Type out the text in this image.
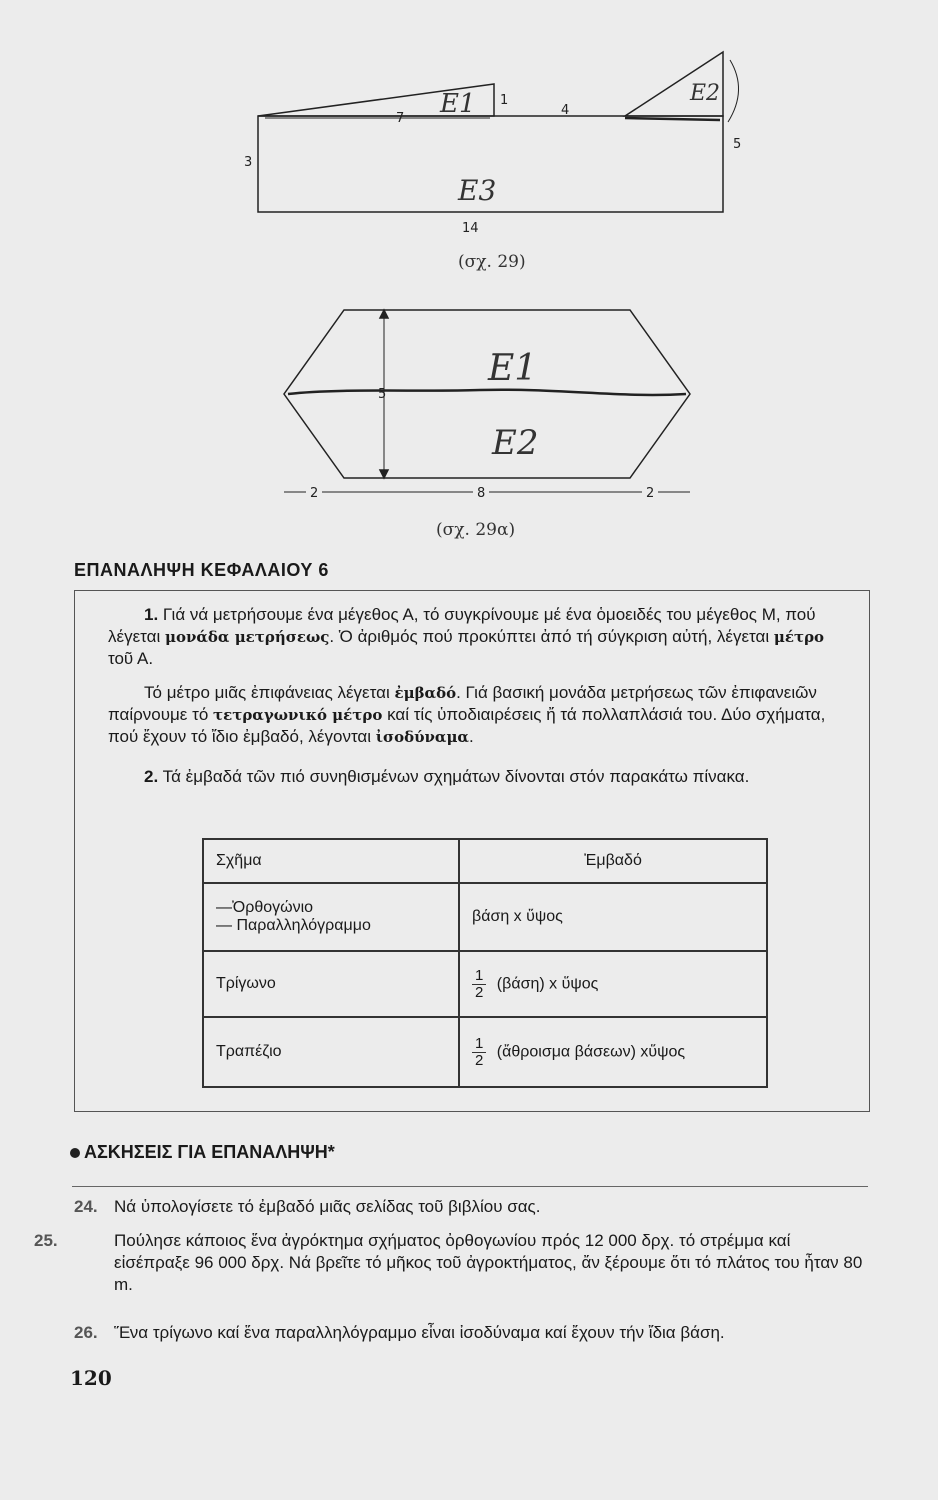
7
1
4
3
5
14
E1	E2
E3
5
2	8	2
E1
E2
(σχ. 29)
(σχ. 29α)
ΕΠΑΝΑΛΗΨΗ ΚΕΦΑΛΑΙΟΥ 6
1. Γιά νά μετρήσουμε ένα μέγεθος Α, τό συγκρίνουμε μέ ένα ὁμοειδές του μέγεθος Μ, πού λέγεται μονάδα μετρήσεως. Ὁ ἀριθμός πού προκύπτει ἀπό τή σύγκριση αὐτή, λέγεται μέτρο τοῦ Α.
Τό μέτρο μιᾶς ἐπιφάνειας λέγεται ἐμβαδό. Γιά βασική μονάδα μετρήσεως τῶν ἐπιφανειῶν παίρνουμε τό τετραγωνικό μέτρο καί τίς ὑποδιαιρέσεις ἤ τά πολλαπλάσιά του. Δύο σχήματα, πού ἔχουν τό ἴδιο ἐμβαδό, λέγονται ἰσοδύναμα.
2. Τά ἐμβαδά τῶν πιό συνηθισμένων σχημάτων δίνονται στόν παρακάτω πίνακα.
Σχῆμα	Ἐμβαδό

—Ὀρθογώνιο
— Παραλληλόγραμμο	βάση x ὕψος
Τρίγωνο	$\frac{1}{2} (\beta ά\sigma\eta)$ x ὕψος
Τραπέζιο	$\frac{1}{2}$ (ἄθροισμα βάσεων) xὕψος
ΑΣΚΗΣΕΙΣ ΓΙΑ ΕΠΑΝΑΛΗΨΗ*
24. Νά ὑπολογίσετε τό ἐμβαδό μιᾶς σελίδας τοῦ βιβλίου σας.
25.	Πούλησε κάποιος ἕνα ἀγρόκτημα σχήματος ὀρθογωνίου πρός 12 000 δρχ. τό στρέμμα καί εἰσέπραξε 96 000 δρχ. Νά βρεῖτε τό μῆκος τοῦ ἀγροκτήματος, ἄν ξέρουμε ὅτι τό πλάτος του ἦταν 80 m.
26. Ἕνα τρίγωνο καί ἕνα παραλληλόγραμμο εἶναι ἰσοδύναμα καί ἔχουν τήν ἴδια βάση.
120
